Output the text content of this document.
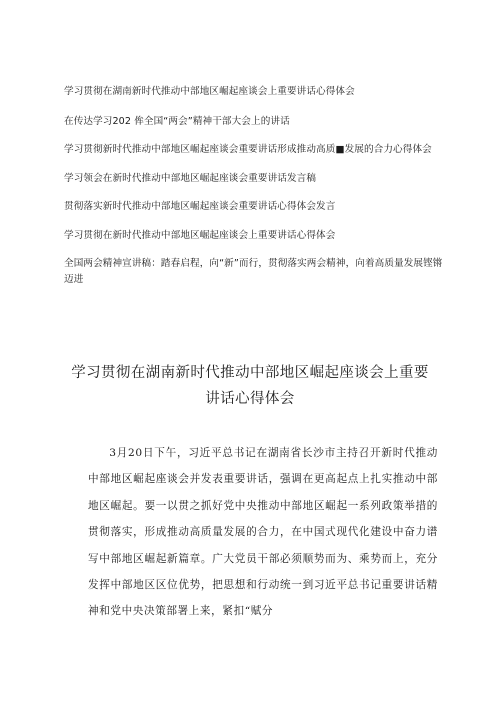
学习贯彻在湖南新时代推动中部地区崛起座谈会上重要讲话心得体会
在传达学习202 侔全国“两会”精神干部大会上的讲话
学习贯彻新时代推动中部地区崛起座谈会重要讲话形成推动高质■发展的合力心得体会
学习领会在新时代推动中部地区崛起座谈会重要讲话发言稿
贯彻落实新时代推动中部地区崛起座谈会重要讲话心得体会发言
学习贯彻在新时代推动中部地区崛起座谈会上重要讲话心得体会
全国两会精神宣讲稿：踏春启程，向“新”而行，贯彻落实两会精神，向着高质量发展铿锵迈进
学习贯彻在湖南新时代推动中部地区崛起座谈会上重要
讲话心得体会

3月20日下午，习近平总书记在湖南省长沙市主持召开新时代推动中部地区崛起座谈会并发表重要讲话，强调在更高起点上扎实推动中部地区崛起。要一以贯之抓好党中央推动中部地区崛起一系列政策举措的贯彻落实，形成推动高质量发展的合力，在中国式现代化建设中奋力谱写中部地区崛起新篇章。广大党员干部必须顺势而为、乘势而上，充分发挥中部地区区位优势，把思想和行动统一到习近平总书记重要讲话精神和党中央决策部署上来，紧扣“赋分
